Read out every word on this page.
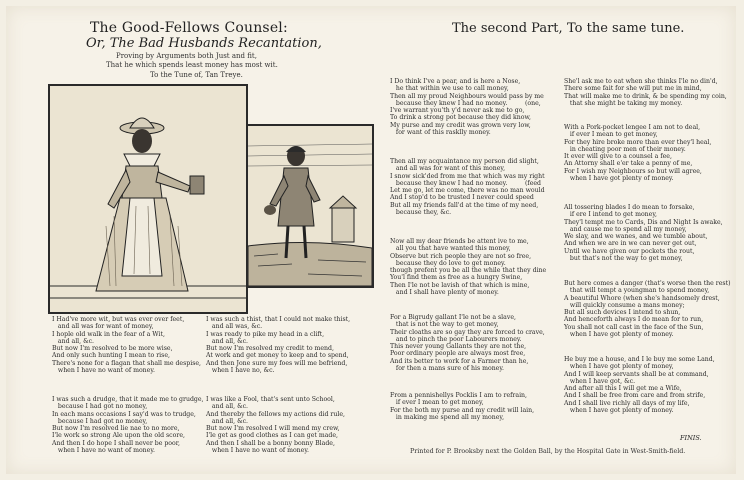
The Good-Fellows Counsel:
Or, The Bad Husbands Recantation,
Proving by Arguments both Just and fit,
That he which spends least money has most wit.
To the Tune of, Tan Treye.
I Had've more wit, but was ever over feet,
and all was for want of money,
I hople old walk in the fear of a Wit,
and all, &c.
But now I'm resolved to be more wise,
And only such hunting I mean to rise,
There's none for a flagan that shall me despise,
when I have no want of money.
I was such a thist, that I could not make thist,
and all was, &c.
I was ready to pike my head in a clift,
and all, &c.
But now I'm resolved my credit to mend,
At work and get money to keep and to spend,
And then Jone sure my foes will me befriend,
when I have no, &c.
I was such a drudge, that it made me to grudge,
because I had got no money,
In each mans occasions I say'd was to trudge,
because I had got no money,
But now I'm resolved lie nae to no more,
I'le work so strong Ale upon the old score,
And then I do hope I shall never be poor,
when I have no want of money.
I was like a Fool, that's sent unto School,
and all, &c.
And thereby the fellows my actions did rule,
and all, &c.
But now I'm resolved I will mend my crew,
I'le get as good clothes as I can get made,
And then I shall be a bonny bonny Blade,
when I have no want of money.
The second Part, To the same tune.
I Do think I've a pear, and is here a Nose,
he that within we use to call money,
Then all my proud Neighbours would pass by me
because they knew I had no money.         (one,
I've warrant you'th y'd never ask me to go,
To drink a strong pot because they did know,
My purse and my credit was grown very low,
for want of this rasklly money.
Then all my acquaintance my person did slight,
and all was for want of this money,
I snow sick'ded from me that which was my right
because they knew I had no money.         (feed
Let me go, let me come, there was no man would
And I stop'd to be trusted I never could speed
But all my friends fall'd at the time of my need,
because they, &c.
Now all my dear friends be attent ive to me,
all you that have wanted this money,
Observe but rich people they are not so free,
because they do love to get money.
though prefent you be all the while that they dine
You'l find them as free as a hungry Swine,
Then I'le not be lavish of that which is mine,
and I shall have plenty of money.
For a Bigrudy gallant I'le not be a slave,
that is not the way to get money,
Their cloaths are so gay they are forced to crave,
and to pinch the poor Labourers money.
This never young Gallants they are not the,
Poor ordinary people are always most free,
And its better to work for a Farmer than he,
for then a mans sure of his money.
From a pennishellys Pocklis I am to refrain,
if ever I mean to get money,
For the both my purse and my credit will lain,
in making me spend all my money,
She'l ask me to eat when she thinks I'le no din'd,
There some fait for she will put me in mind,
That will make me to drink, & be spending my coin,
that she might be taking my money.
With a Pork-pocket lengee I am not to deal,
if ever I mean to get money,
For they hire broke more than ever they'l heal,
in cheating poor men of their money.
It ever will give to a counsel a fee,
An Attorny shall e'er take a penny of me,
For I wish my Neighbours so but will agree,
when I have got plenty of money.
All tossering blades I do mean to forsake,
if ere I intend to get money,
They'l tempt me to Cards, Dis and Night Is awake,
and cause me to spend all my money,
We slay, and we wanes, and we tumble about,
And when we are in we can never get out,
Until we have given our pockets the rout,
but that's not the way to get money,
But here comes a danger (that's worse then the rest)
that will tempt a youngman to spend money,
A beautiful Whore (when she's handsomely drest,
will quickly consume a mans money;
But all such devices I intend to shun,
And henceforth always I do mean for to run,
You shall not call cast in the face of the Sun,
when I have got plenty of money.
He buy me a house, and I le buy me some Land,
when I have got plenty of money,
And I will keep servants shall be at command,
when I have got, &c.
And after all this I will get me a Wife,
And I shall be free from care and from strife,
And I shall live richly all days of my life,
when I have got plenty of money.
FINIS.
Printed for P. Brooksby next the Golden Ball, by the Hospital Gate in West-Smith-field.
